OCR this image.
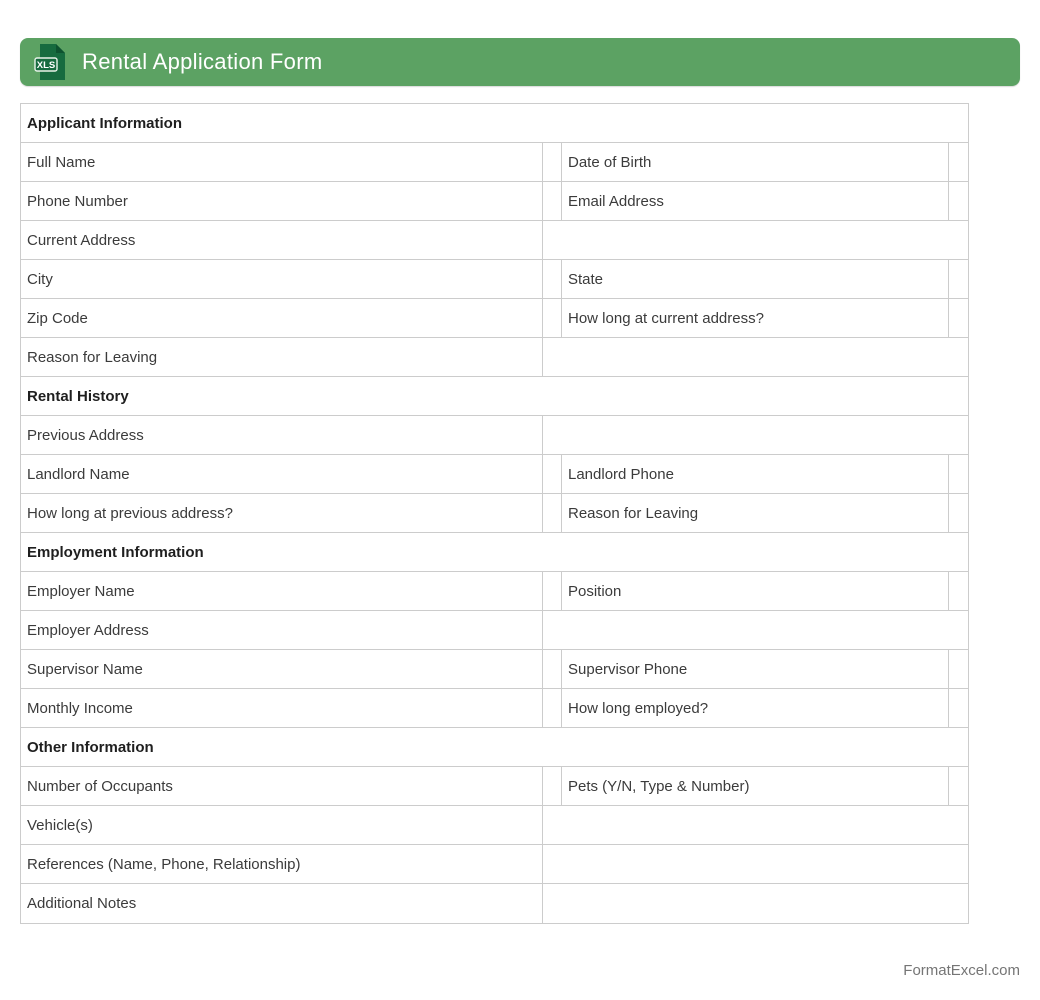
XLS Rental Application Form
Applicant Information
Full Name	Date of Birth
Phone Number	Email Address
Current Address
City	State
Zip Code	How long at current address?
Reason for Leaving
Rental History
Previous Address
Landlord Name	Landlord Phone
How long at previous address?	Reason for Leaving
Employment Information
Employer Name	Position
Employer Address
Supervisor Name	Supervisor Phone
Monthly Income	How long employed?
Other Information
Number of Occupants	Pets (Y/N, Type & Number)
Vehicle(s)
References (Name, Phone, Relationship)
Additional Notes
FormatExcel.com
